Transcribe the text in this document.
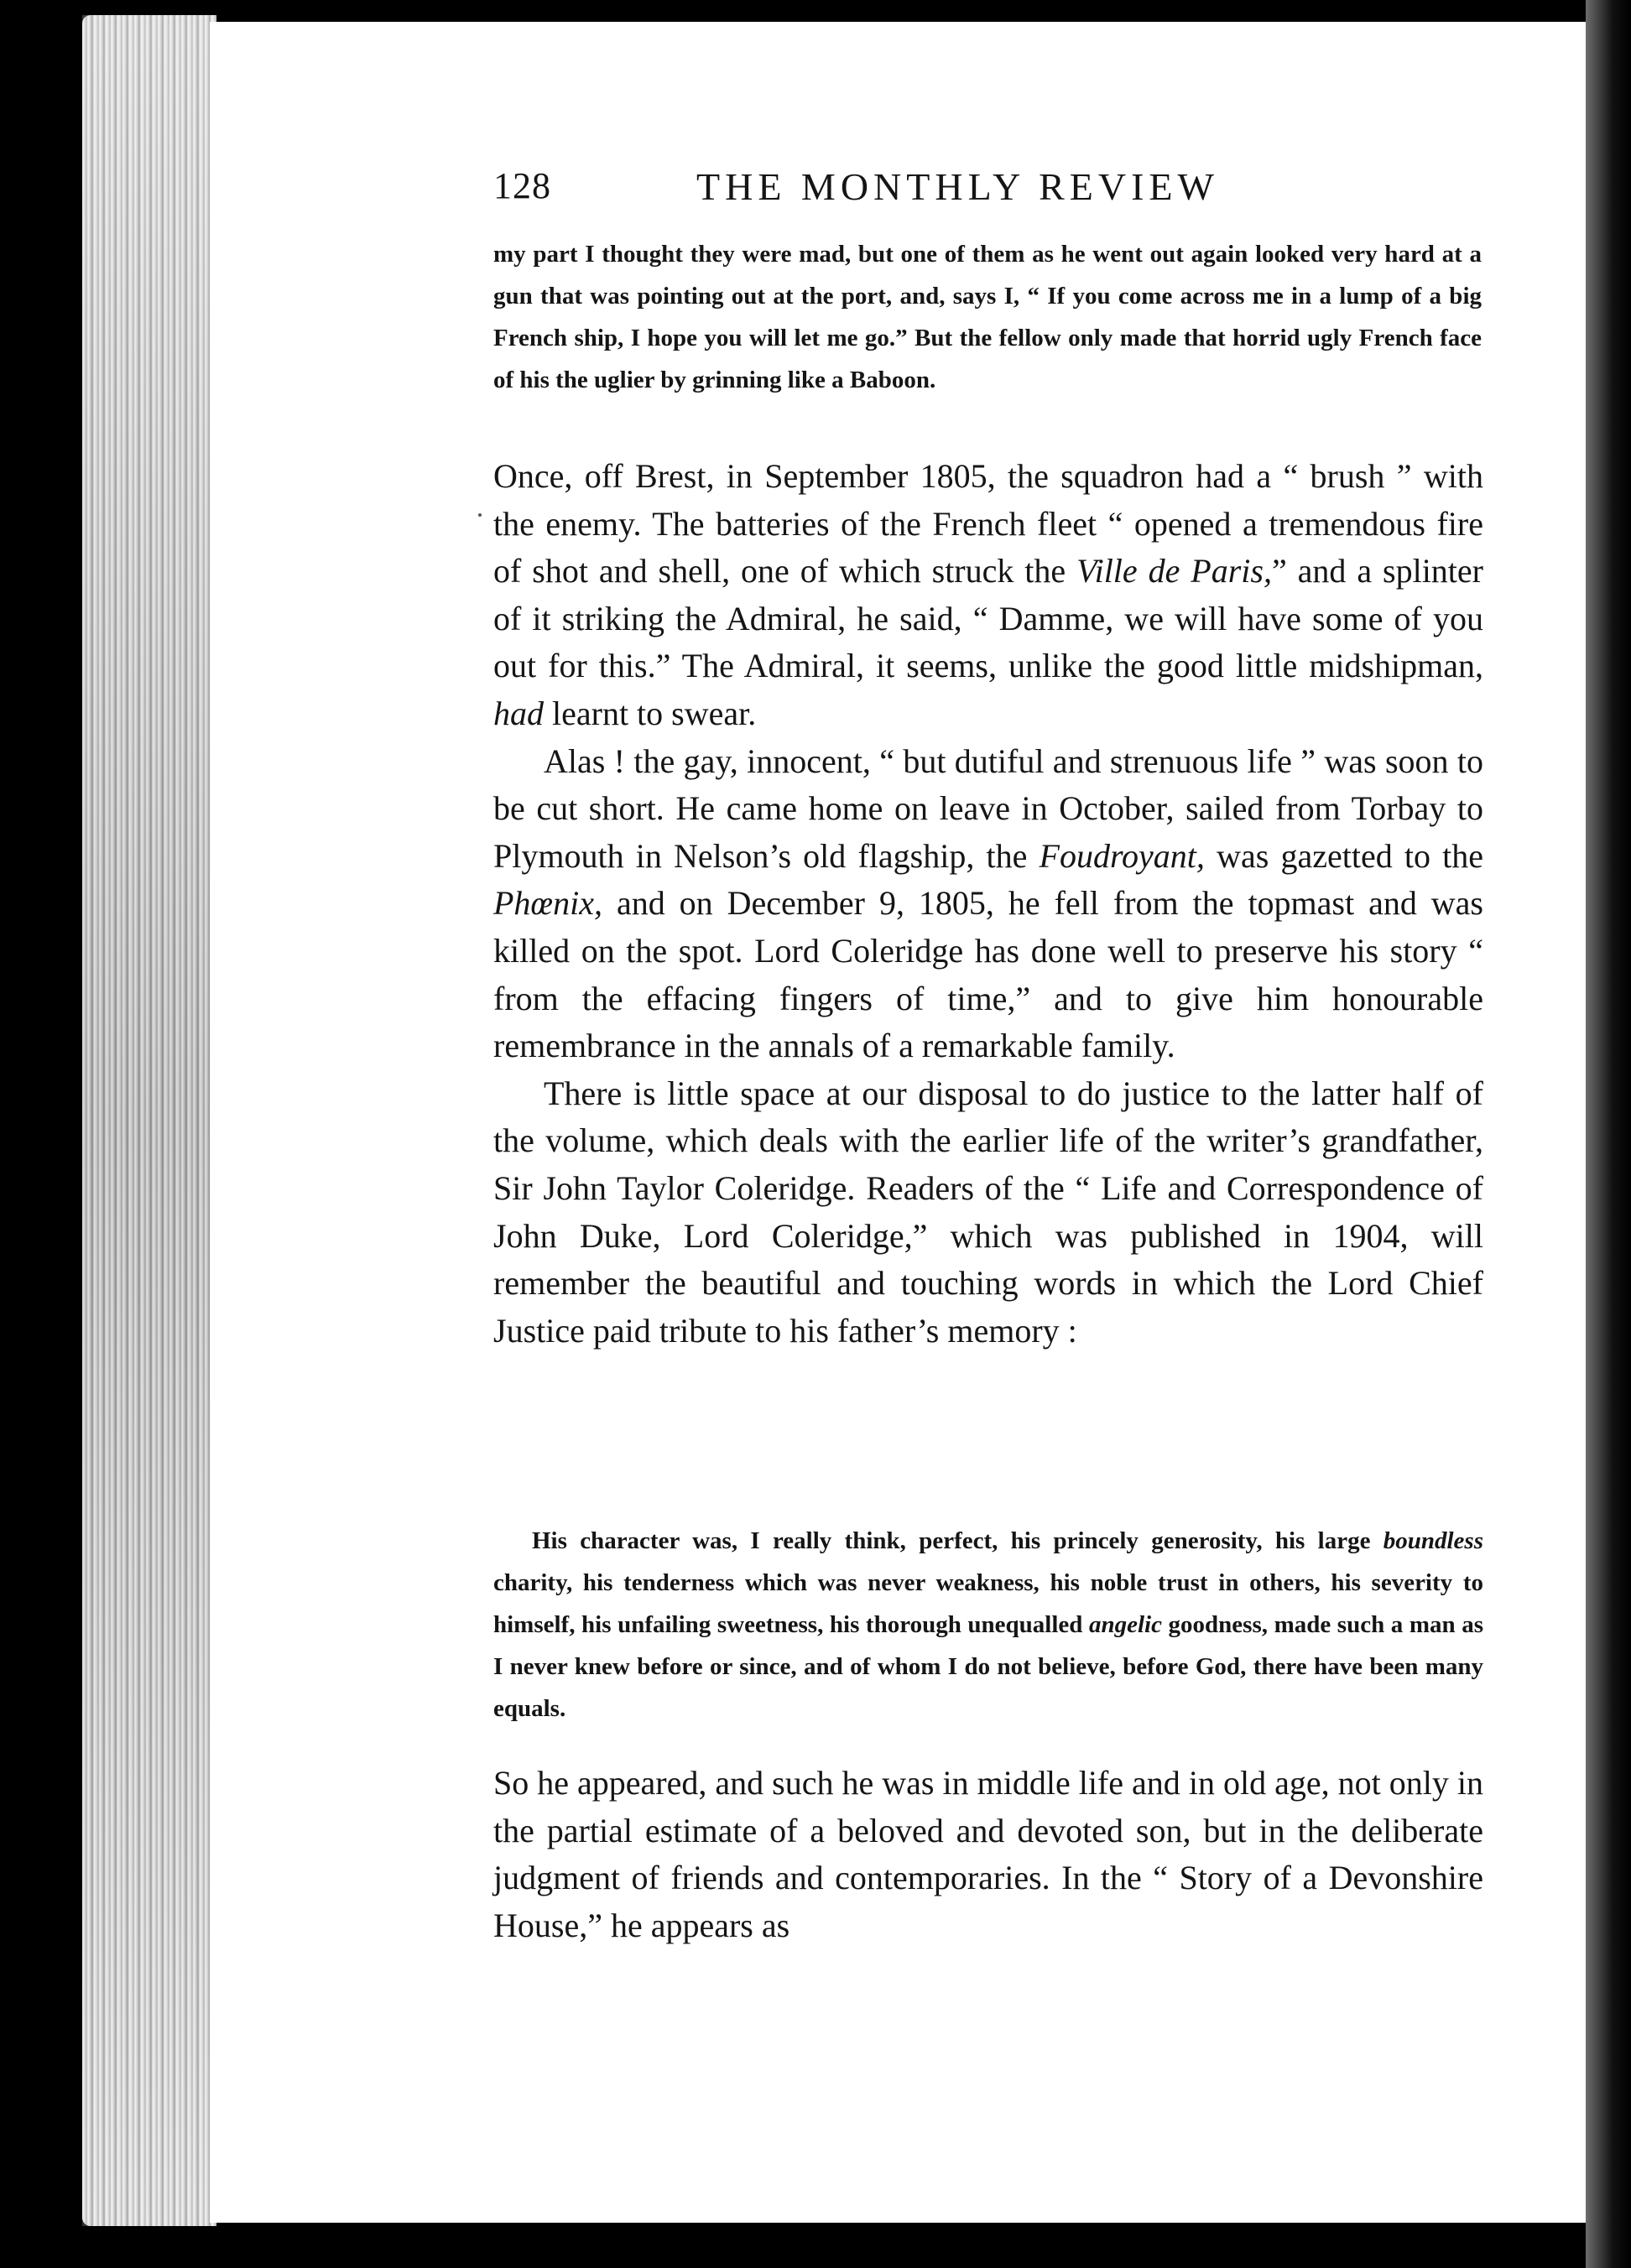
128	THE MONTHLY REVIEW

my part I thought they were mad, but one of them as he went out again looked very hard at a gun that was pointing out at the port, and, says I, “ If you come across me in a lump of a big French ship, I hope you will let me go.” But the fellow only made that horrid ugly French face of his the uglier by grinning like a Baboon.

Once, off Brest, in September 1805, the squadron had a “ brush ” with the enemy. The batteries of the French fleet “ opened a tremendous fire of shot and shell, one of which struck the Ville de Paris,” and a splinter of it striking the Admiral, he said, “ Damme, we will have some of you out for this.” The Admiral, it seems, unlike the good little midshipman, had learnt to swear.

Alas ! the gay, innocent, “ but dutiful and strenuous life ” was soon to be cut short. He came home on leave in October, sailed from Torbay to Plymouth in Nelson’s old flagship, the Foudroyant, was gazetted to the Phœnix, and on December 9, 1805, he fell from the topmast and was killed on the spot. Lord Coleridge has done well to preserve his story “ from the effacing fingers of time,” and to give him honourable remembrance in the annals of a remarkable family.

There is little space at our disposal to do justice to the latter half of the volume, which deals with the earlier life of the writer’s grandfather, Sir John Taylor Coleridge. Readers of the “ Life and Correspondence of John Duke, Lord Coleridge,” which was published in 1904, will remember the beautiful and touching words in which the Lord Chief Justice paid tribute to his father’s memory :

His character was, I really think, perfect, his princely generosity, his large boundless charity, his tenderness which was never weakness, his noble trust in others, his severity to himself, his unfailing sweetness, his thorough unequalled angelic goodness, made such a man as I never knew before or since, and of whom I do not believe, before God, there have been many equals.

So he appeared, and such he was in middle life and in old age, not only in the partial estimate of a beloved and devoted son, but in the deliberate judgment of friends and contemporaries. In the “ Story of a Devonshire House,” he appears as
